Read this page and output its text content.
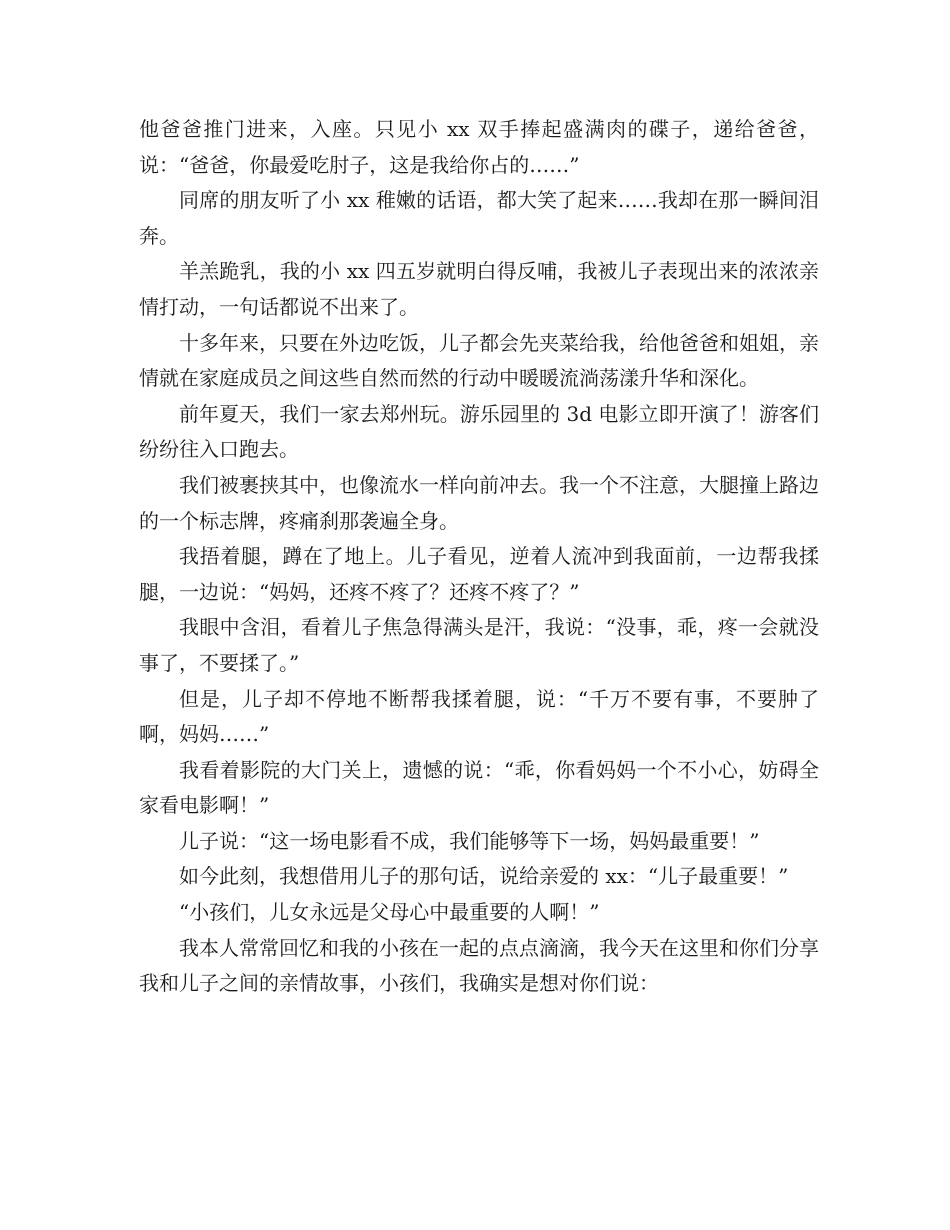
他爸爸推门进来，入座。只见小 xx 双手捧起盛满肉的碟子，递给爸爸，说：“爸爸，你最爱吃肘子，这是我给你占的……”

同席的朋友听了小 xx 稚嫩的话语，都大笑了起来……我却在那一瞬间泪奔。

羊羔跪乳，我的小 xx 四五岁就明白得反哺，我被儿子表现出来的浓浓亲情打动，一句话都说不出来了。

十多年来，只要在外边吃饭，儿子都会先夹菜给我，给他爸爸和姐姐，亲情就在家庭成员之间这些自然而然的行动中暖暖流淌荡漾升华和深化。

前年夏天，我们一家去郑州玩。游乐园里的 3d 电影立即开演了！游客们纷纷往入口跑去。

我们被裹挟其中，也像流水一样向前冲去。我一个不注意，大腿撞上路边的一个标志牌，疼痛刹那袭遍全身。

我捂着腿，蹲在了地上。儿子看见，逆着人流冲到我面前，一边帮我揉腿，一边说：“妈妈，还疼不疼了？还疼不疼了？”

我眼中含泪，看着儿子焦急得满头是汗，我说：“没事，乖，疼一会就没事了，不要揉了。”

但是，儿子却不停地不断帮我揉着腿，说：“千万不要有事，不要肿了啊，妈妈……”

我看着影院的大门关上，遗憾的说：“乖，你看妈妈一个不小心，妨碍全家看电影啊！”

儿子说：“这一场电影看不成，我们能够等下一场，妈妈最重要！”

如今此刻，我想借用儿子的那句话，说给亲爱的 xx：“儿子最重要！”

“小孩们，儿女永远是父母心中最重要的人啊！”

我本人常常回忆和我的小孩在一起的点点滴滴，我今天在这里和你们分享我和儿子之间的亲情故事，小孩们，我确实是想对你们说：
